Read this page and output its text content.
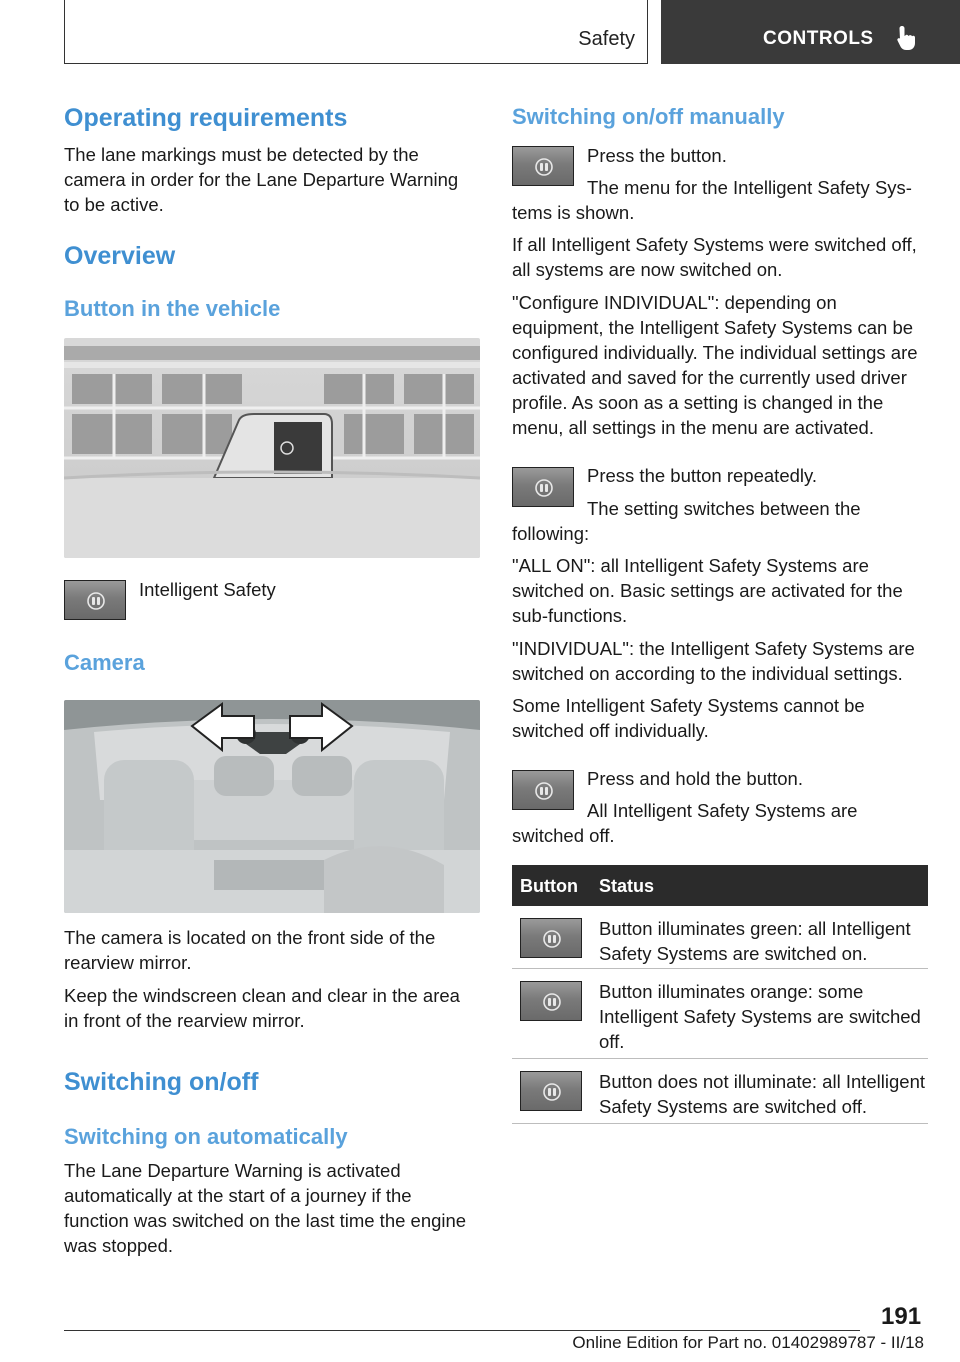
Safety	CONTROLS
Operating requirements
The lane markings must be detected by the camera in order for the Lane Departure Warning to be active.
Overview
Button in the vehicle
Intelligent Safety
Camera
The camera is located on the front side of the rearview mirror.
Keep the windscreen clean and clear in the area in front of the rearview mirror.
Switching on/off
Switching on automatically
The Lane Departure Warning is activated automatically at the start of a journey if the function was switched on the last time the engine was stopped.
Switching on/off manually
Press the button.
The menu for the Intelligent Safety Sys-
tems is shown.
If all Intelligent Safety Systems were switched off, all systems are now switched on.
"Configure INDIVIDUAL": depending on equipment, the Intelligent Safety Systems can be configured individually. The individual settings are activated and saved for the currently used driver profile. As soon as a setting is changed in the menu, all settings in the menu are activated.
Press the button repeatedly.
The setting switches between the
following:
"ALL ON": all Intelligent Safety Systems are switched on. Basic settings are activated for the sub-functions.
"INDIVIDUAL": the Intelligent Safety Systems are switched on according to the individual settings.
Some Intelligent Safety Systems cannot be switched off individually.
Press and hold the button.
All Intelligent Safety Systems are
switched off.
Button Status
Button illuminates green: all Intelligent Safety Systems are switched on.
Button illuminates orange: some Intelligent Safety Systems are switched off.
Button does not illuminate: all Intelligent Safety Systems are switched off.
191
Online Edition for Part no. 01402989787 - II/18
